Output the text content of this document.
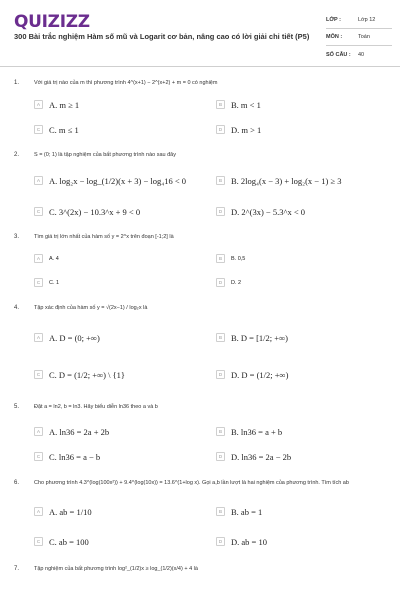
QUIZIZZ
300 Bài trắc nghiệm Hàm số mũ và Logarit cơ bản, nâng cao có lời giải chi tiết (P5)
LỚP :	Lớp 12
MÔN :	Toán
SỐ CÂU :	40
1.	Với giá trị nào của m thì phương trình 4^(x+1) − 2^(x+2) + m = 0 có nghiệm
A	A. m ≥ 1	B	B. m < 1
C	C. m ≤ 1	D	D. m > 1
2.	S = (0; 1) là tập nghiệm của bất phương trình nào sau đây
A	A. log₂x − log_(1/2)(x + 3) − log₄16 < 0	B	B. 2log₄(x − 3) + log₂(x − 1) ≥ 3
C	C. 3^(2x) − 10.3^x + 9 < 0	D	D. 2^(3x) − 5.3^x < 0
3.	Tìm giá trị lớn nhất của hàm số y = 2^x trên đoạn [-1;2] là
A	A. 4	B	B. 0,5
C	C. 1	D	D. 2
4.	Tập xác định của hàm số y = √(2x−1) / log₂x là
A	A. D = (0; +∞)	B	B. D = [1/2; +∞)
C	C. D = (1/2; +∞) \ {1}	D	D. D = (1/2; +∞)
5.	Đặt a = ln2, b = ln3. Hãy biểu diễn ln36 theo a và b
A	A. ln36 = 2a + 2b	B	B. ln36 = a + b
C	C. ln36 = a − b	D	D. ln36 = 2a − 2b
6.	Cho phương trình 4.3^(log(100x²)) + 9.4^(log(10x)) = 13.6^(1+log x). Gọi a,b lần lượt là hai nghiệm của phương trình. Tìm tích ab
A	A. ab = 1/10	B	B. ab = 1
C	C. ab = 100	D	D. ab = 10
7.	Tập nghiệm của bất phương trình log²_(1/2)x ≥ log_(1/2)(x/4) + 4 là
